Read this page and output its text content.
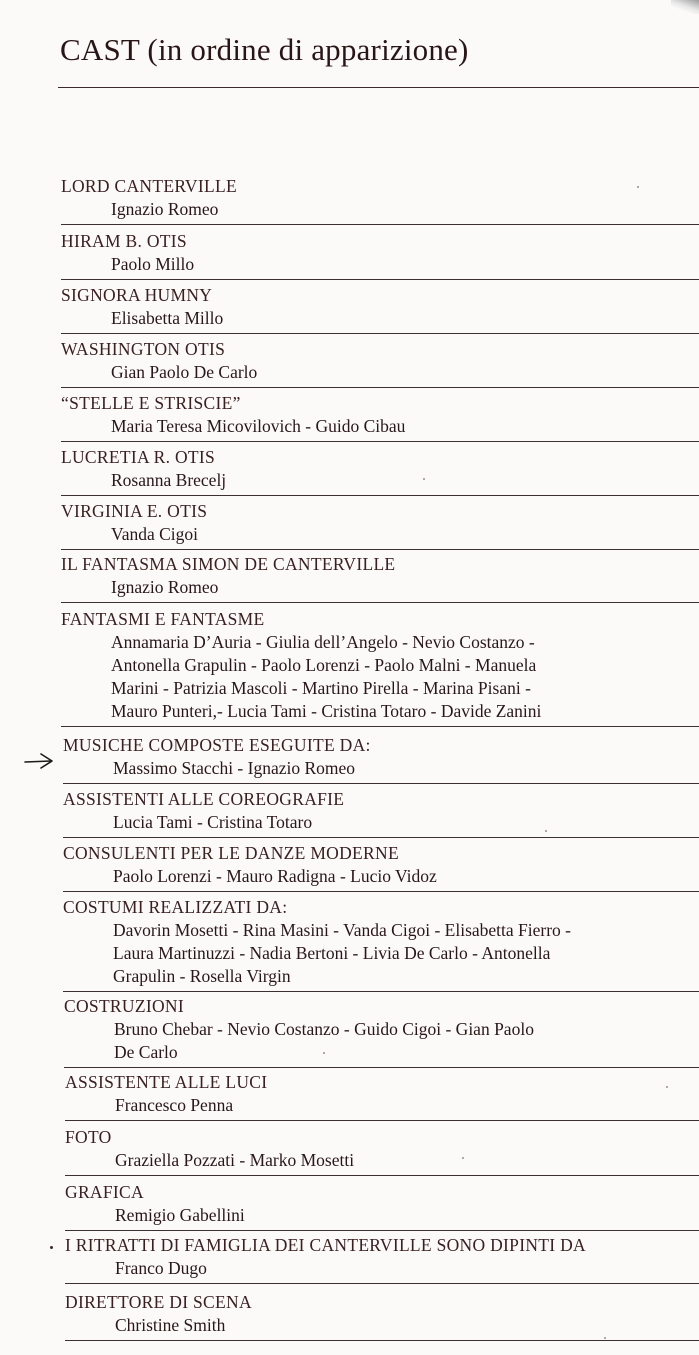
CAST (in ordine di apparizione)
LORD CANTERVILLE
Ignazio Romeo
HIRAM B. OTIS
Paolo Millo
SIGNORA HUMNY
Elisabetta Millo
WASHINGTON OTIS
Gian Paolo De Carlo
“STELLE E STRISCIE”
Maria Teresa Micovilovich - Guido Cibau
LUCRETIA R. OTIS
Rosanna Brecelj
VIRGINIA E. OTIS
Vanda Cigoi
IL FANTASMA SIMON DE CANTERVILLE
Ignazio Romeo
FANTASMI E FANTASME
Annamaria D’Auria - Giulia dell’Angelo - Nevio Costanzo -
Antonella Grapulin - Paolo Lorenzi - Paolo Malni - Manuela
Marini - Patrizia Mascoli - Martino Pirella - Marina Pisani -
Mauro Punteri,- Lucia Tami - Cristina Totaro - Davide Zanini
MUSICHE COMPOSTE ESEGUITE DA:
Massimo Stacchi - Ignazio Romeo
ASSISTENTI ALLE COREOGRAFIE
Lucia Tami - Cristina Totaro
CONSULENTI PER LE DANZE MODERNE
Paolo Lorenzi - Mauro Radigna - Lucio Vidoz
COSTUMI REALIZZATI DA:
Davorin Mosetti - Rina Masini - Vanda Cigoi - Elisabetta Fierro -
Laura Martinuzzi - Nadia Bertoni - Livia De Carlo - Antonella
Grapulin - Rosella Virgin
COSTRUZIONI
Bruno Chebar - Nevio Costanzo - Guido Cigoi - Gian Paolo
De Carlo
ASSISTENTE ALLE LUCI
Francesco Penna
FOTO
Graziella Pozzati - Marko Mosetti
GRAFICA
Remigio Gabellini
I RITRATTI DI FAMIGLIA DEI CANTERVILLE SONO DIPINTI DA
Franco Dugo
DIRETTORE DI SCENA
Christine Smith
